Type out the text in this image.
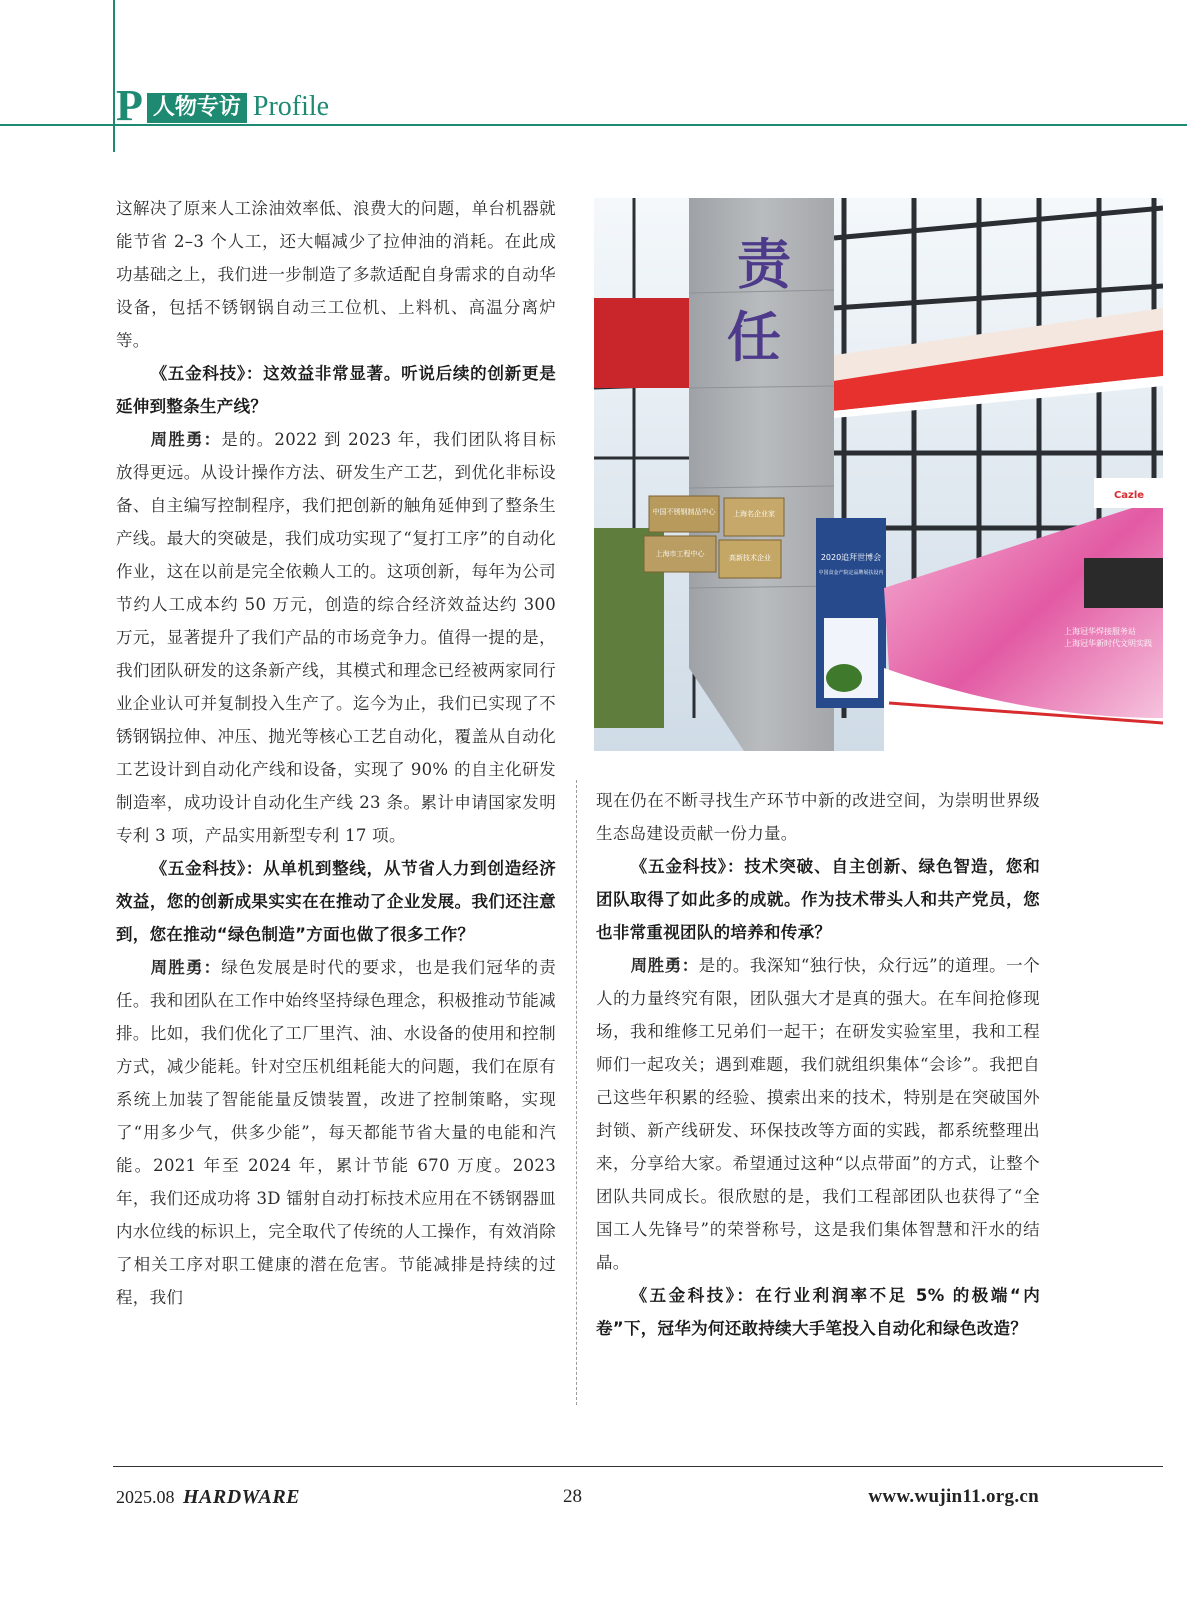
P 人物专访 Profile

这解决了原来人工涂油效率低、浪费大的问题，单台机器就能节省 2–3 个人工，还大幅减少了拉伸油的消耗。在此成功基础之上，我们进一步制造了多款适配自身需求的自动华设备，包括不锈钢锅自动三工位机、上料机、高温分离炉等。

《五金科技》：这效益非常显著。听说后续的创新更是延伸到整条生产线？

周胜勇：是的。2022 到 2023 年，我们团队将目标放得更远。从设计操作方法、研发生产工艺，到优化非标设备、自主编写控制程序，我们把创新的触角延伸到了整条生产线。最大的突破是，我们成功实现了“复打工序”的自动化作业，这在以前是完全依赖人工的。这项创新，每年为公司节约人工成本约 50 万元，创造的综合经济效益达约 300 万元，显著提升了我们产品的市场竞争力。值得一提的是，我们团队研发的这条新产线，其模式和理念已经被两家同行业企业认可并复制投入生产了。迄今为止，我们已实现了不锈钢锅拉伸、冲压、抛光等核心工艺自动化，覆盖从自动化工艺设计到自动化产线和设备，实现了 90% 的自主化研发制造率，成功设计自动化生产线 23 条。累计申请国家发明专利 3 项，产品实用新型专利 17 项。

《五金科技》：从单机到整线，从节省人力到创造经济效益，您的创新成果实实在在推动了企业发展。我们还注意到，您在推动“绿色制造”方面也做了很多工作？

周胜勇：绿色发展是时代的要求，也是我们冠华的责任。我和团队在工作中始终坚持绿色理念，积极推动节能减排。比如，我们优化了工厂里汽、油、水设备的使用和控制方式，减少能耗。针对空压机组耗能大的问题，我们在原有系统上加装了智能能量反馈装置，改进了控制策略，实现了“用多少气，供多少能”，每天都能节省大量的电能和汽能。2021 年至 2024 年，累计节能 670 万度。2023 年，我们还成功将 3D 镭射自动打标技术应用在不锈钢器皿内水位线的标识上，完全取代了传统的人工操作，有效消除了相关工序对职工健康的潜在危害。节能减排是持续的过程，我们

责
任
中国不锈钢制品中心	上海名企业家
上海市工程中心	高新技术企业	2020追拜世博会
中国食金产院定品牌展扶设内
Cazle
上海冠华焊接服务站
上海冠华新时代文明实践

现在仍在不断寻找生产环节中新的改进空间，为崇明世界级生态岛建设贡献一份力量。

《五金科技》：技术突破、自主创新、绿色智造，您和团队取得了如此多的成就。作为技术带头人和共产党员，您也非常重视团队的培养和传承？

周胜勇：是的。我深知“独行快，众行远”的道理。一个人的力量终究有限，团队强大才是真的强大。在车间抢修现场，我和维修工兄弟们一起干；在研发实验室里，我和工程师们一起攻关；遇到难题，我们就组织集体“会诊”。我把自己这些年积累的经验、摸索出来的技术，特别是在突破国外封锁、新产线研发、环保技改等方面的实践，都系统整理出来，分享给大家。希望通过这种“以点带面”的方式，让整个团队共同成长。很欣慰的是，我们工程部团队也获得了“全国工人先锋号”的荣誉称号，这是我们集体智慧和汗水的结晶。

《五金科技》：在行业利润率不足 5% 的极端“内卷”下，冠华为何还敢持续大手笔投入自动化和绿色改造？

2025.08 HARDWARE	28	www.wujin11.org.cn
